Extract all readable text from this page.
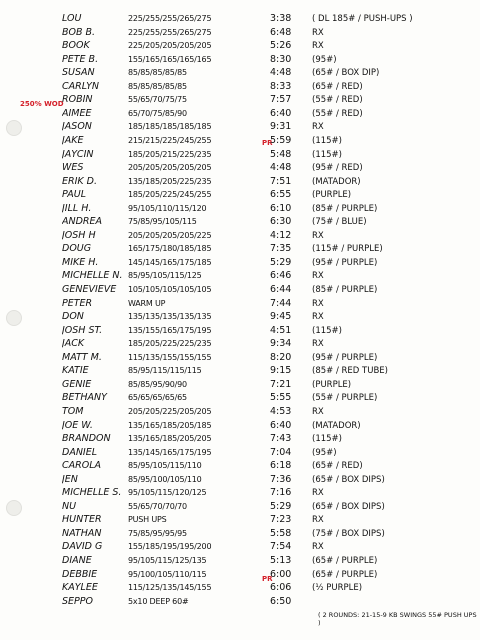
250% WOD
PR
PR
LOU	225/255/255/265/275	3:38	( DL 185# / PUSH-UPS )
BOB B.	225/255/255/265/275	6:48	RX
BOOK	225/205/205/205/205	5:26	RX
PETE B.	155/165/165/165/165	8:30	(95#)
SUSAN	85/85/85/85/85	4:48	(65# / BOX DIP)
CARLYN	85/85/85/85/85	8:33	(65# / RED)
ROBIN	55/65/70/75/75	7:57	(55# / RED)
AIMEE	65/70/75/85/90	6:40	(55# / RED)
JASON	185/185/185/185/185	9:31	RX
JAKE	215/215/225/245/255	5:59	(115#)
JAYCIN	185/205/215/225/235	5:48	(115#)
WES	205/205/205/205/205	4:48	(95# / RED)
ERIK D.	135/185/205/225/235	7:51	(MATADOR)
PAUL	185/205/225/245/255	6:55	(PURPLE)
JILL H.	95/105/110/115/120	6:10	(85# / PURPLE)
ANDREA	75/85/95/105/115	6:30	(75# / BLUE)
JOSH H	205/205/205/205/225	4:12	RX
DOUG	165/175/180/185/185	7:35	(115# / PURPLE)
MIKE H.	145/145/165/175/185	5:29	(95# / PURPLE)
MICHELLE N. 85/95/105/115/125	6:46	RX
GENEVIEVE	105/105/105/105/105	6:44	(85# / PURPLE)
PETER	WARM UP	7:44	RX
DON	135/135/135/135/135	9:45	RX
JOSH ST.	135/155/165/175/195	4:51	(115#)
JACK	185/205/225/225/235	9:34	RX
MATT M.	115/135/155/155/155	8:20	(95# / PURPLE)
KATIE	85/95/115/115/115	9:15	(85# / RED TUBE)
GENIE	85/85/95/90/90	7:21	(PURPLE)
BETHANY	65/65/65/65/65	5:55	(55# / PURPLE)
TOM	205/205/225/205/205	4:53	RX
JOE W.	135/165/185/205/185	6:40	(MATADOR)
BRANDON	135/165/185/205/205	7:43	(115#)
DANIEL	135/145/165/175/195	7:04	(95#)
CAROLA	85/95/105/115/110	6:18	(65# / RED)
JEN	85/95/100/105/110	7:36	(65# / BOX DIPS)
MICHELLE S. 95/105/115/120/125	7:16	RX
NU	55/65/70/70/70	5:29	(65# / BOX DIPS)
HUNTER	PUSH UPS	7:23	RX
NATHAN	75/85/95/95/95	5:58	(75# / BOX DIPS)
DAVID G	155/185/195/195/200	7:54	RX
DIANE	95/105/115/125/135	5:13	(65# / PURPLE)
DEBBIE	95/100/105/110/115	6:00	(65# / PURPLE)
KAYLEE	115/125/135/145/155	6:06	(½ PURPLE)
SEPPO	5x10 DEEP 60#	6:50
( 2 ROUNDS: 21-15-9 KB SWINGS 55# PUSH UPS )
